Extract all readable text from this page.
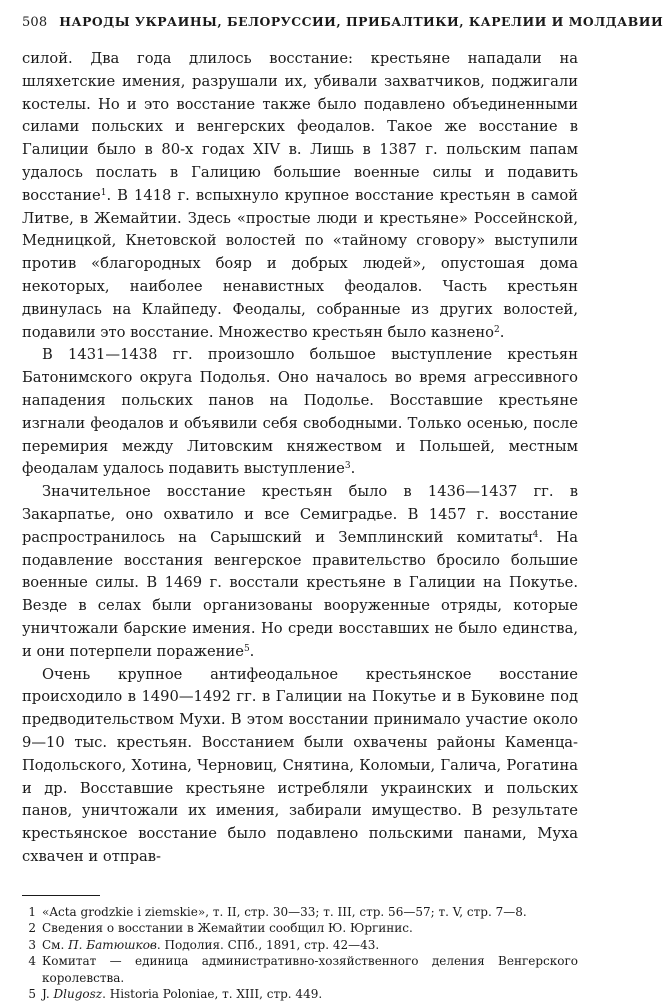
508 НАРОДЫ УКРАИНЫ, БЕЛОРУССИИ, ПРИБАЛТИКИ, КАРЕЛИИ И МОЛДАВИИ

силой. Два года длилось восстание: крестьяне нападали на шляхетские имения, разрушали их, убивали захватчиков, поджигали костелы. Но и это восстание также было подавлено объединенными силами польских и венгерских феодалов. Такое же восстание в Галиции было в 80-х годах XIV в. Лишь в 1387 г. польским папам удалось послать в Галицию большие военные силы и подавить восстание$^1$. В 1418 г. вспыхнуло крупное восстание крестьян в самой Литве, в Жемайтии. Здесь «простые люди и крестьяне» Россейнской, Медницкой, Кнетовской волостей по «тайному сговору» выступили против «благородных бояр и добрых людей», опустошая дома некоторых, наиболее ненавистных феодалов. Часть крестьян двинулась на Клайпеду. Феодалы, собранные из других волостей, подавили это восстание. Множество крестьян было казнено$^2$.

В 1431—1438 гг. произошло большое выступление крестьян Батонимского округа Подолья. Оно началось во время агрессивного нападения польских панов на Подолье. Восставшие крестьяне изгнали феодалов и объявили себя свободными. Только осенью, после перемирия между Литовским княжеством и Польшей, местным феодалам удалось подавить выступление$^3$.

Значительное восстание крестьян было в 1436—1437 гг. в Закарпатье, оно охватило и все Семиградье. В 1457 г. восстание распространилось на Сарышский и Земплинский комитаты$^4$. На подавление восстания венгерское правительство бросило большие военные силы. В 1469 г. восстали крестьяне в Галиции на Покутье. Везде в селах были организованы вооруженные отряды, которые уничтожали барские имения. Но среди восставших не было единства, и они потерпели поражение$^5$.

Очень крупное антифеодальное крестьянское восстание происходило в 1490—1492 гг. в Галиции на Покутье и в Буковине под предводительством Мухи. В этом восстании принимало участие около 9—10 тыс. крестьян. Восстанием были охвачены районы Каменца-Подольского, Хотина, Черновиц, Снятина, Коломыи, Галича, Рогатина и др. Восставшие крестьяне истребляли украинских и польских панов, уничтожали их имения, забирали имущество. В результате крестьянское восстание было подавлено польскими панами, Муха схвачен и отправ-

1 «Acta grodzkie i ziemskie», т. II, стр. 30—33; т. III, стр. 56—57; т. V, стр. 7—8.

2 Сведения о восстании в Жемайтии сообщил Ю. Юргинис.

3 См. П. Батюшков. Подолия. СПб., 1891, стр. 42—43.

4 Комитат — единица административно-хозяйственного деления Венгерского королевства.

5 J. Dlugosz. Historia Poloniae, т. XIII, стр. 449.
